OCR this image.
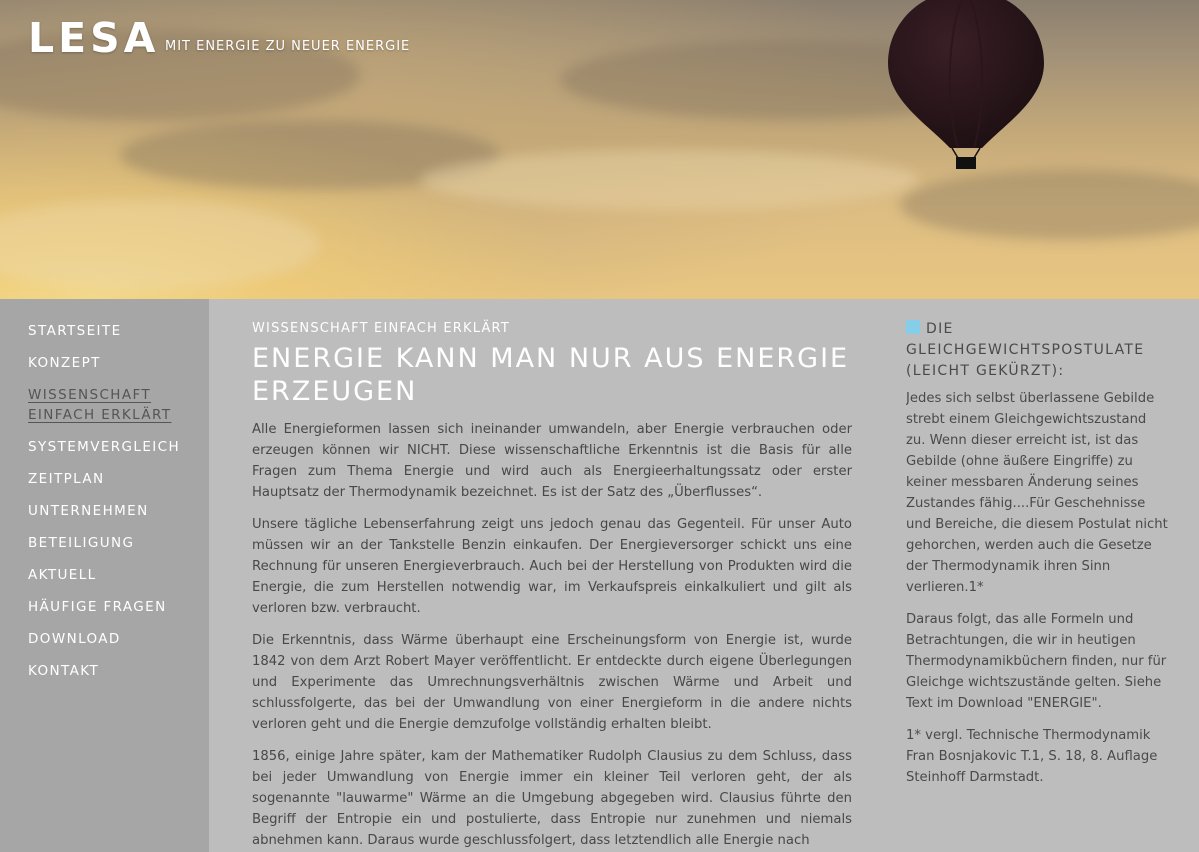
LESA MIT ENERGIE ZU NEUER ENERGIE
STARTSEITE
KONZEPT
WISSENSCHAFT
EINFACH ERKLÄRT
SYSTEMVERGLEICH
ZEITPLAN
UNTERNEHMEN
BETEILIGUNG
AKTUELL
HÄUFIGE FRAGEN
DOWNLOAD
KONTAKT
WISSENSCHAFT EINFACH ERKLÄRT
ENERGIE KANN MAN NUR AUS ENERGIE ERZEUGEN

Alle Energieformen lassen sich ineinander umwandeln, aber Energie verbrauchen oder erzeugen können wir NICHT. Diese wissenschaftliche Erkenntnis ist die Basis für alle Fragen zum Thema Energie und wird auch als Energieerhaltungssatz oder erster Hauptsatz der Thermodynamik bezeichnet. Es ist der Satz des „Überflusses“.

Unsere tägliche Lebenserfahrung zeigt uns jedoch genau das Gegenteil. Für unser Auto müssen wir an der Tankstelle Benzin einkaufen. Der Energieversorger schickt uns eine Rechnung für unseren Energieverbrauch. Auch bei der Herstellung von Produkten wird die Energie, die zum Herstellen notwendig war, im Verkaufspreis einkalkuliert und gilt als verloren bzw. verbraucht.

Die Erkenntnis, dass Wärme überhaupt eine Erscheinungsform von Energie ist, wurde 1842 von dem Arzt Robert Mayer veröffentlicht. Er entdeckte durch eigene Überlegungen und Experimente das Umrechnungsverhältnis zwischen Wärme und Arbeit und schlussfolgerte, das bei der Umwandlung von einer Energieform in die andere nichts verloren geht und die Energie demzufolge vollständig erhalten bleibt.

1856, einige Jahre später, kam der Mathematiker Rudolph Clausius zu dem Schluss, dass bei jeder Umwandlung von Energie immer ein kleiner Teil verloren geht, der als sogenannte "lauwarme" Wärme an die Umgebung abgegeben wird. Clausius führte den Begriff der Entropie ein und postulierte, dass Entropie nur zunehmen und niemals abnehmen kann. Daraus wurde geschlussfolgert, dass letztendlich alle Energie nach

DIE GLEICHGEWICHTSPOSTULATE (LEICHT GEKÜRZT):

Jedes sich selbst überlassene Gebilde strebt einem Gleichgewichtszustand zu. Wenn dieser erreicht ist, ist das Gebilde (ohne äußere Eingriffe) zu keiner messbaren Änderung seines Zustandes fähig....Für Geschehnisse und Bereiche, die diesem Postulat nicht gehorchen, werden auch die Gesetze der Thermodynamik ihren Sinn verlieren.1*

Daraus folgt, das alle Formeln und Betrachtungen, die wir in heutigen Thermodynamikbüchern finden, nur für Gleichge wichtszustände gelten. Siehe Text im Download "ENERGIE".

1* vergl. Technische Thermodynamik Fran Bosnjakovic T.1, S. 18, 8. Auflage Steinhoff Darmstadt.
